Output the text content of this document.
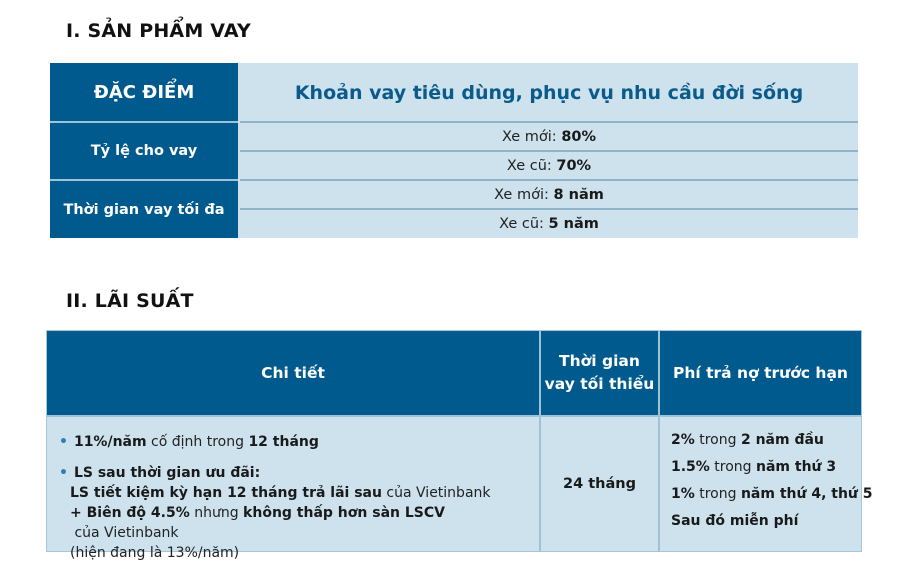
I. SẢN PHẨM VAY
ĐẶC ĐIỂM
Tỷ lệ cho vay
Thời gian vay tối đa
Khoản vay tiêu dùng, phục vụ nhu cầu đời sống
Xe mới: 80%
Xe cũ: 70%
Xe mới: 8 năm
Xe cũ: 5 năm
II. LÃI SUẤT
Chi tiết
Thời gian
vay tối thiểu
Phí trả nợ trước hạn
• 11%/năm cố định trong 12 tháng
• LS sau thời gian ưu đãi:
LS tiết kiệm kỳ hạn 12 tháng trả lãi sau của Vietinbank
+ Biên độ 4.5% nhưng không thấp hơn sàn LSCV của Vietinbank
(hiện đang là 13%/năm)
24 tháng
2% trong 2 năm đầu
1.5% trong năm thứ 3
1% trong năm thứ 4, thứ 5
Sau đó miễn phí
